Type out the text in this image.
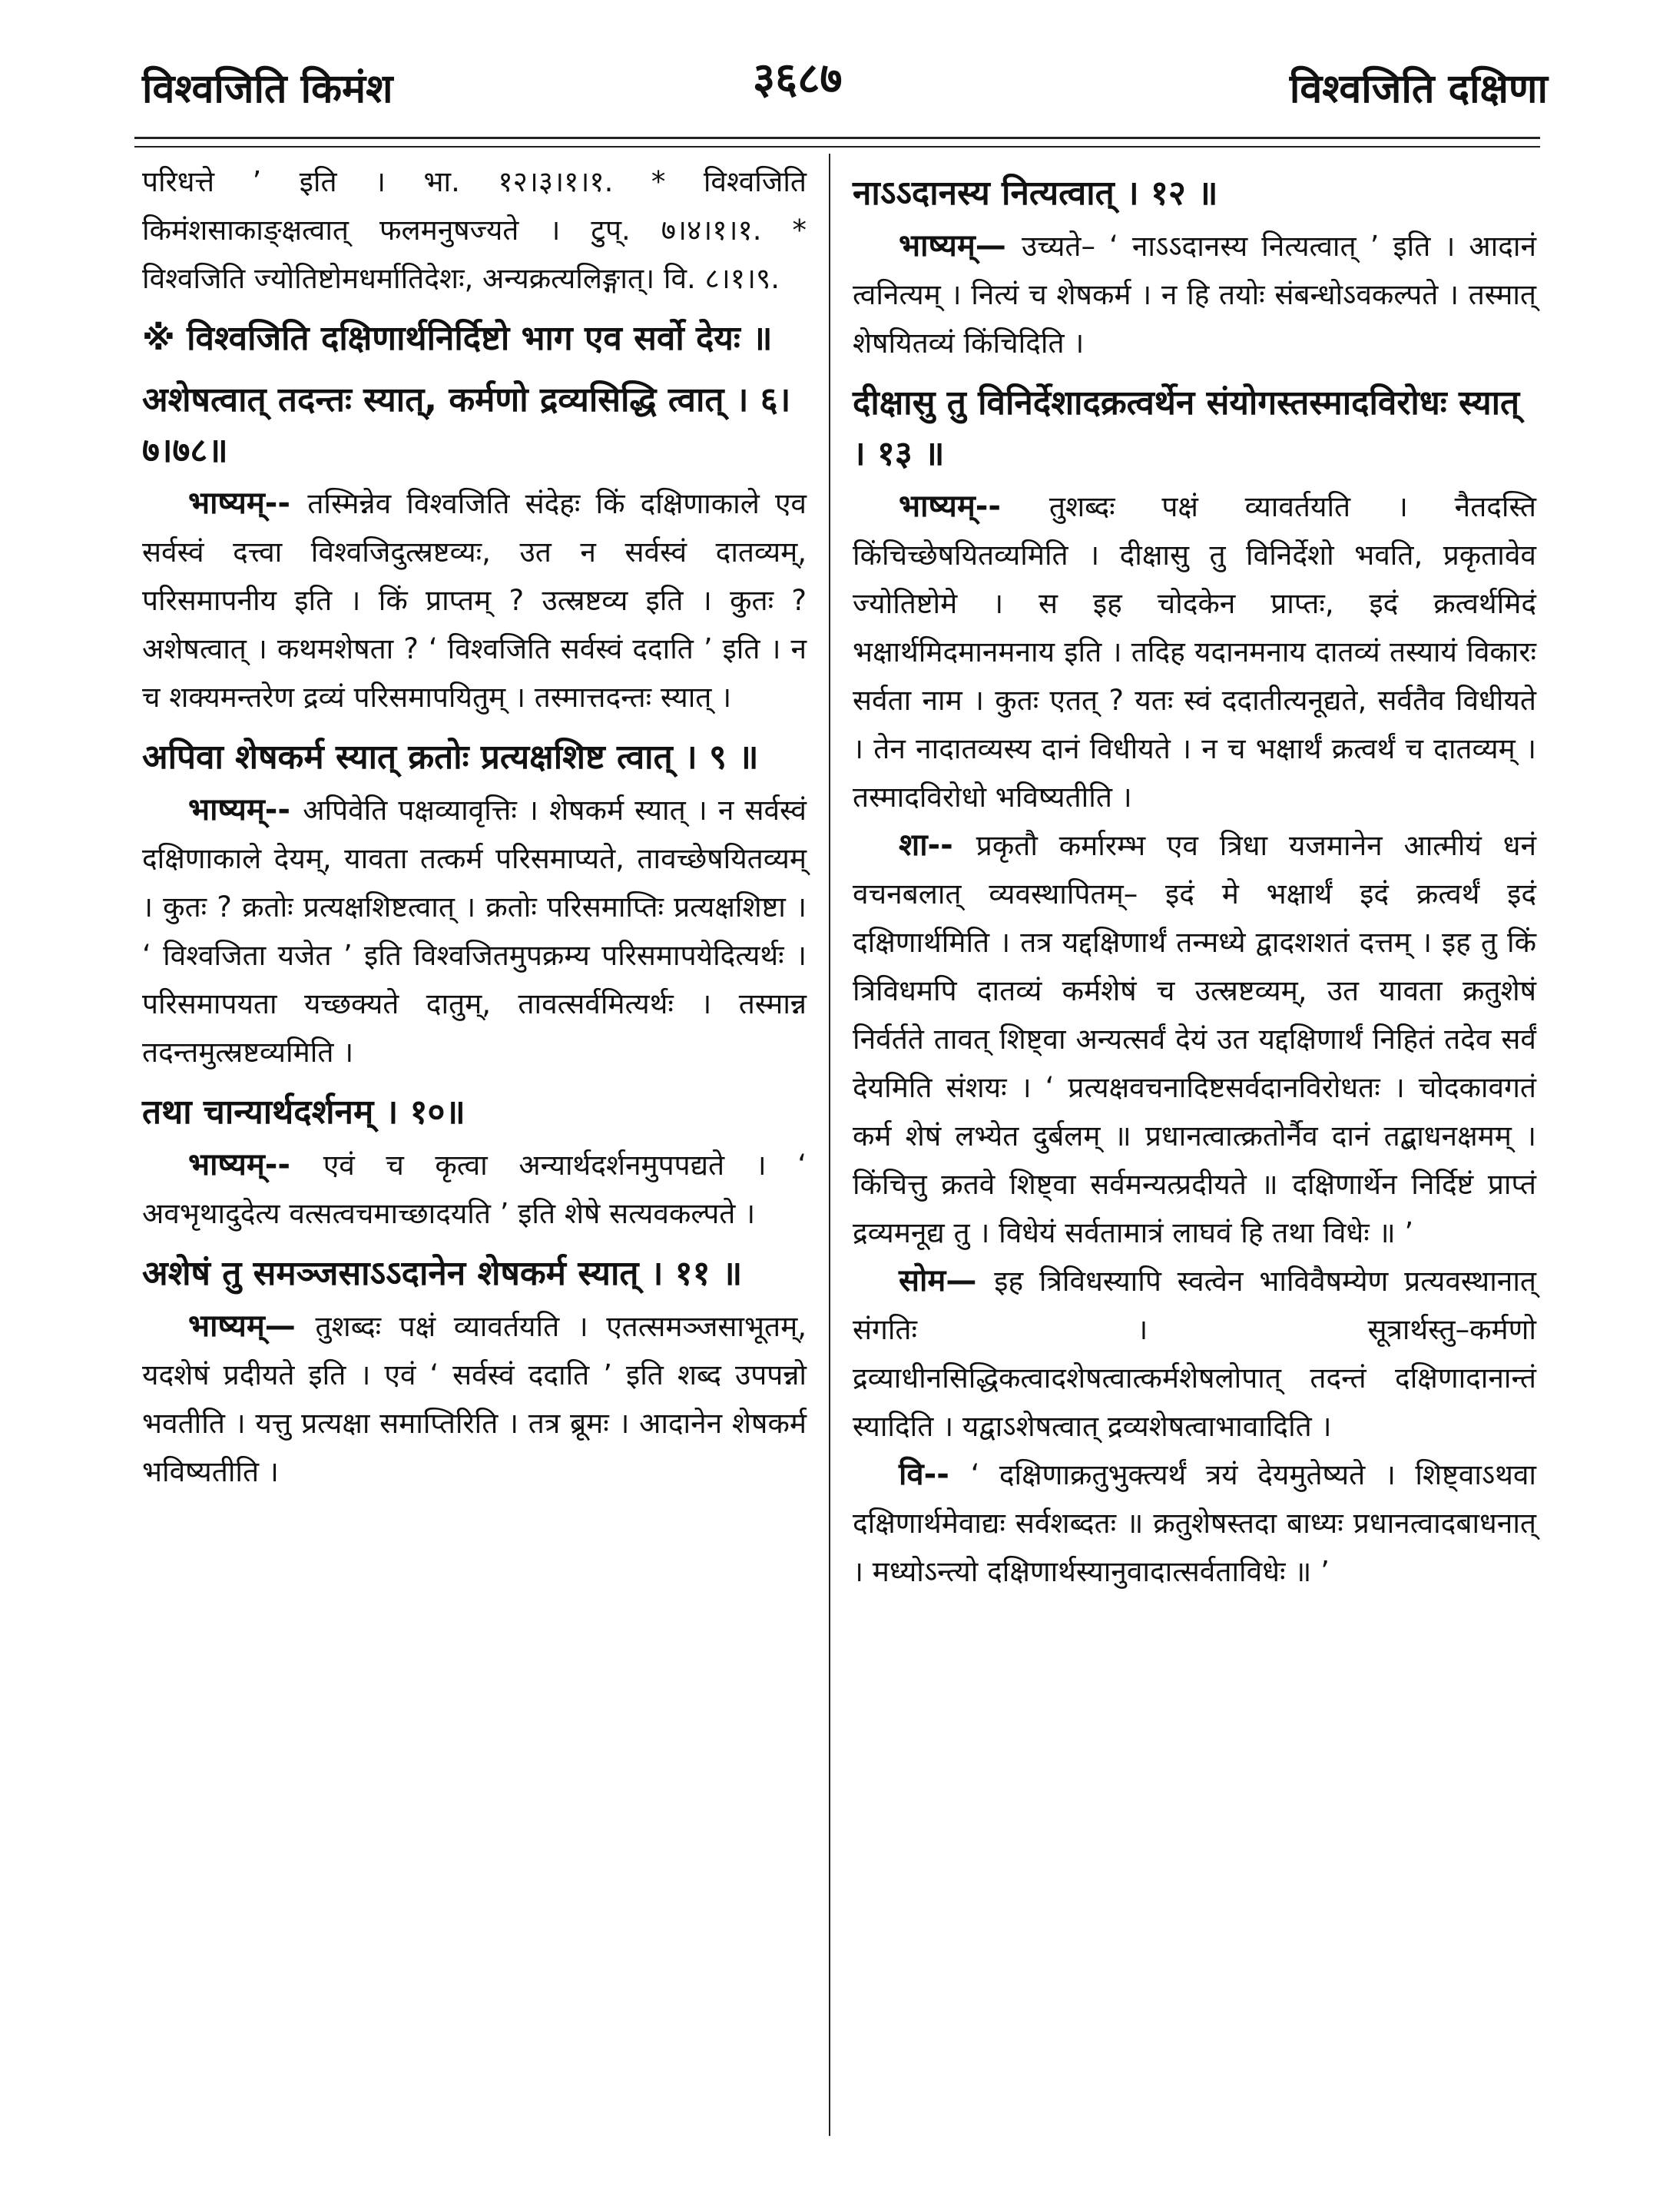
विश्वजिति किमंश	३६८७	विश्वजिति दक्षिणा
परिधत्ते ’ इति । भा. १२।३।१।१. * विश्वजिति किमंशसाकाङ्क्षत्वात् फलमनुषज्यते । टुप्. ७।४।१।१. * विश्वजिति ज्योतिष्टोमधर्मातिदेशः, अन्यक्रत्यलिङ्गात्। वि. ८।१।९.
※ विश्वजिति दक्षिणार्थनिर्दिष्टो भाग एव सर्वो देयः ॥
अशेषत्वात् तदन्तः स्यात्, कर्मणो द्रव्यसिद्धि त्वात् । ६।७।७८॥
भाष्यम्-- तस्मिन्नेव विश्वजिति संदेहः किं दक्षिणाकाले एव सर्वस्वं दत्त्वा विश्वजिदुत्स्रष्टव्यः, उत न सर्वस्वं दातव्यम्, परिसमापनीय इति । किं प्राप्तम् ? उत्स्रष्टव्य इति । कुतः ? अशेषत्वात् । कथमशेषता ? ‘ विश्वजिति सर्वस्वं ददाति ’ इति । न च शक्यमन्तरेण द्रव्यं परिसमापयितुम् । तस्मात्तदन्तः स्यात् ।
अपिवा शेषकर्म स्यात् क्रतोः प्रत्यक्षशिष्ट त्वात् । ९ ॥
भाष्यम्-- अपिवेति पक्षव्यावृत्तिः । शेषकर्म स्यात् । न सर्वस्वं दक्षिणाकाले देयम्, यावता तत्कर्म परिसमाप्यते, तावच्छेषयितव्यम् । कुतः ? क्रतोः प्रत्यक्षशिष्टत्वात् । क्रतोः परिसमाप्तिः प्रत्यक्षशिष्टा । ‘ विश्वजिता यजेत ’ इति विश्वजितमुपक्रम्य परिसमापयेदित्यर्थः । परिसमापयता यच्छक्यते दातुम्, तावत्सर्वमित्यर्थः । तस्मान्न तदन्तमुत्स्रष्टव्यमिति ।
तथा चान्यार्थदर्शनम् । १०॥
भाष्यम्-- एवं च कृत्वा अन्यार्थदर्शनमुपपद्यते । ‘ अवभृथादुदेत्य वत्सत्वचमाच्छादयति ’ इति शेषे सत्यवकल्पते ।
अशेषं तु समञ्जसाऽऽदानेन शेषकर्म स्यात् । ११ ॥
भाष्यम्— तुशब्दः पक्षं व्यावर्तयति । एतत्समञ्जसाभूतम्, यदशेषं प्रदीयते इति । एवं ‘ सर्वस्वं ददाति ’ इति शब्द उपपन्नो भवतीति । यत्तु प्रत्यक्षा समाप्तिरिति । तत्र ब्रूमः । आदानेन शेषकर्म भविष्यतीति ।
नाऽऽदानस्य नित्यत्वात् । १२ ॥
भाष्यम्— उच्यते– ‘ नाऽऽदानस्य नित्यत्वात् ’ इति । आदानं त्वनित्यम् । नित्यं च शेषकर्म । न हि तयोः संबन्धोऽवकल्पते । तस्मात् शेषयितव्यं किंचिदिति ।
दीक्षासु तु विनिर्देशादक्रत्वर्थेन संयोगस्तस्मादविरोधः स्यात् । १३ ॥
भाष्यम्-- तुशब्दः पक्षं व्यावर्तयति । नैतदस्ति किंचिच्छेषयितव्यमिति । दीक्षासु तु विनिर्देशो भवति, प्रकृतावेव ज्योतिष्टोमे । स इह चोदकेन प्राप्तः, इदं क्रत्वर्थमिदं भक्षार्थमिदमानमनाय इति । तदिह यदानमनाय दातव्यं तस्यायं विकारः सर्वता नाम । कुतः एतत् ? यतः स्वं ददातीत्यनूद्यते, सर्वतैव विधीयते । तेन नादातव्यस्य दानं विधीयते । न च भक्षार्थं क्रत्वर्थं च दातव्यम् । तस्मादविरोधो भविष्यतीति ।
शा-- प्रकृतौ कर्मारम्भ एव त्रिधा यजमानेन आत्मीयं धनं वचनबलात् व्यवस्थापितम्– इदं मे भक्षार्थं इदं क्रत्वर्थं इदं दक्षिणार्थमिति । तत्र यद्दक्षिणार्थं तन्मध्ये द्वादशशतं दत्तम् । इह तु किं त्रिविधमपि दातव्यं कर्मशेषं च उत्स्रष्टव्यम्, उत यावता क्रतुशेषं निर्वर्तते तावत् शिष्ट्वा अन्यत्सर्वं देयं उत यद्दक्षिणार्थं निहितं तदेव सर्वं देयमिति संशयः । ‘ प्रत्यक्षवचनादिष्टसर्वदानविरोधतः । चोदकावगतं कर्म शेषं लभ्येत दुर्बलम् ॥ प्रधानत्वात्क्रतोर्नैव दानं तद्बाधनक्षमम् । किंचित्तु क्रतवे शिष्ट्वा सर्वमन्यत्प्रदीयते ॥ दक्षिणार्थेन निर्दिष्टं प्राप्तं द्रव्यमनूद्य तु । विधेयं सर्वतामात्रं लाघवं हि तथा विधेः ॥ ’
सोम— इह त्रिविधस्यापि स्वत्वेन भाविवैषम्येण प्रत्यवस्थानात् संगतिः । सूत्रार्थस्तु–कर्मणो द्रव्याधीनसिद्धिकत्वादशेषत्वात्कर्मशेषलोपात् तदन्तं दक्षिणादानान्तं स्यादिति । यद्वाऽशेषत्वात् द्रव्यशेषत्वाभावादिति ।
वि-- ‘ दक्षिणाक्रतुभुक्त्यर्थं त्रयं देयमुतेष्यते । शिष्ट्वाऽथवा दक्षिणार्थमेवाद्यः सर्वशब्दतः ॥ क्रतुशेषस्तदा बाध्यः प्रधानत्वादबाधनात् । मध्योऽन्त्यो दक्षिणार्थस्यानुवादात्सर्वताविधेः ॥ ’
